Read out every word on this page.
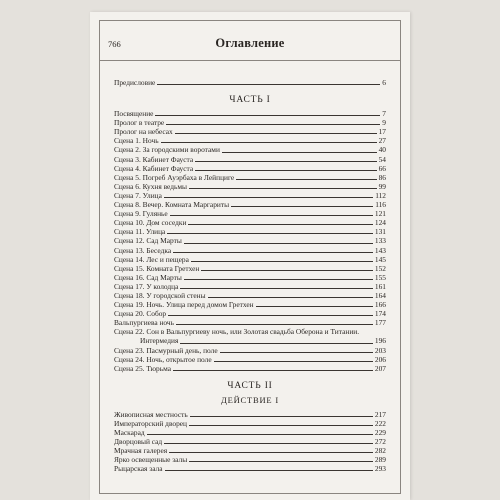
766	Оглавление
Предисловие	6
ЧАСТЬ I
Посвящение	7
Пролог в театре	9
Пролог на небесах	17
Сцена 1. Ночь	27
Сцена 2. За городскими воротами	40
Сцена 3. Кабинет Фауста	54
Сцена 4. Кабинет Фауста	66
Сцена 5. Погреб Ауэрбаха в Лейпциге	86
Сцена 6. Кухня ведьмы	99
Сцена 7. Улица	112
Сцена 8. Вечер. Комната Маргариты	116
Сцена 9. Гулянье	121
Сцена 10. Дом соседки	124
Сцена 11. Улица	131
Сцена 12. Сад Марты	133
Сцена 13. Беседка	143
Сцена 14. Лес и пещера	145
Сцена 15. Комната Гретхен	152
Сцена 16. Сад Марты	155
Сцена 17. У колодца	161
Сцена 18. У городской стены	164
Сцена 19. Ночь. Улица перед домом Гретхен	166
Сцена 20. Собор	174
Вальпургиева ночь	177
Сцена 22. Сон в Вальпургиеву ночь, или Золотая свадьба Оберона и Титании.
Интермедия	196
Сцена 23. Пасмурный день, поле	203
Сцена 24. Ночь, открытое поле	206
Сцена 25. Тюрьма	207
ЧАСТЬ II
ДЕЙСТВИЕ I
Живописная местность	217
Императорский дворец	222
Маскарад	229
Дворцовый сад	272
Мрачная галерея	282
Ярко освещенные залы	289
Рыцарская зала	293
